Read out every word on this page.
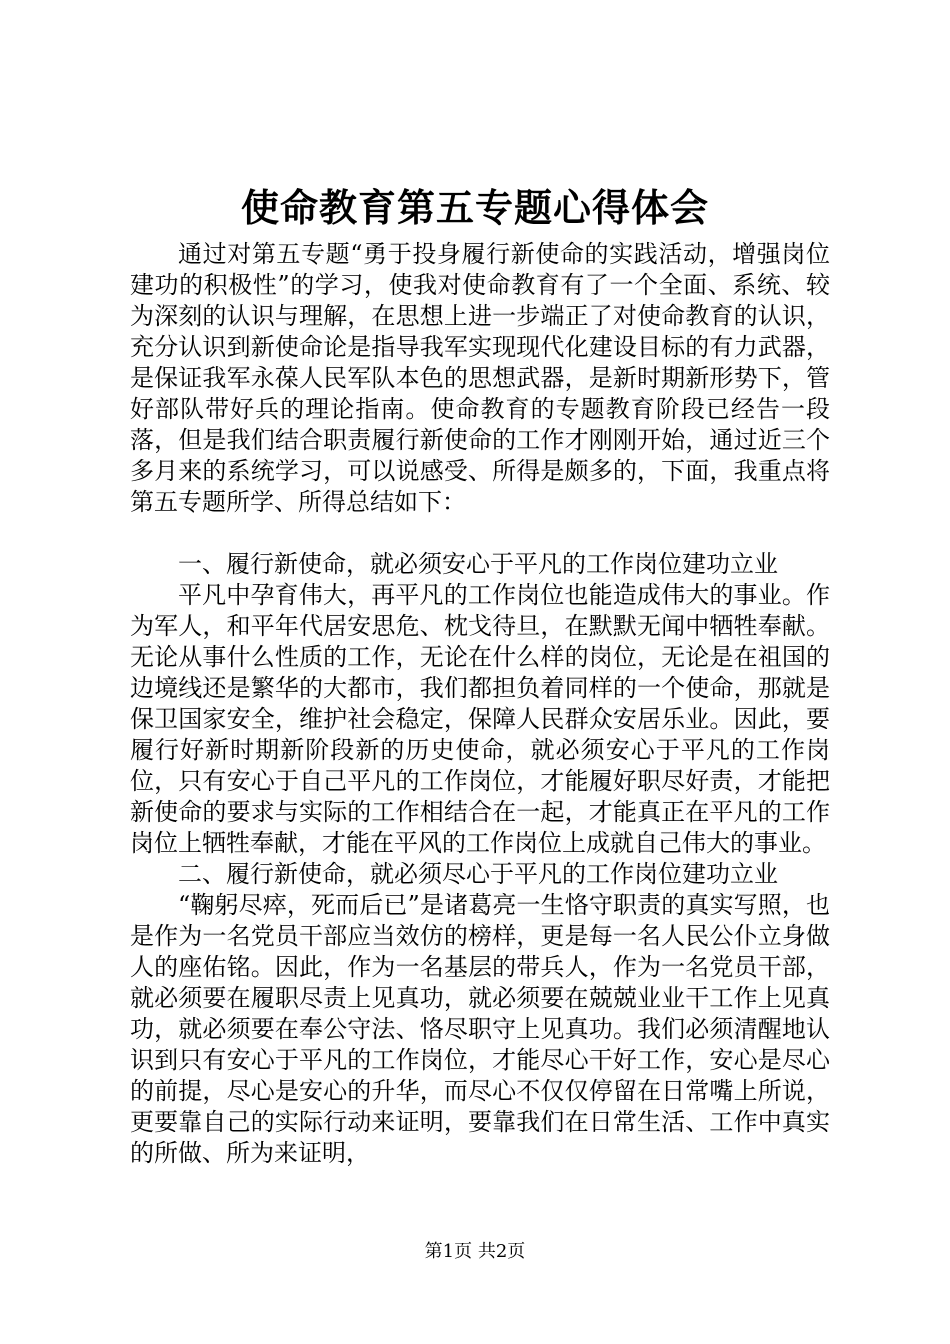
使命教育第五专题心得体会

通过对第五专题“勇于投身履行新使命的实践活动，增强岗位建功的积极性”的学习，使我对使命教育有了一个全面、系统、较为深刻的认识与理解，在思想上进一步端正了对使命教育的认识，充分认识到新使命论是指导我军实现现代化建设目标的有力武器，是保证我军永葆人民军队本色的思想武器，是新时期新形势下，管好部队带好兵的理论指南。使命教育的专题教育阶段已经告一段落，但是我们结合职责履行新使命的工作才刚刚开始，通过近三个多月来的系统学习，可以说感受、所得是颇多的，下面，我重点将第五专题所学、所得总结如下：

一、履行新使命，就必须安心于平凡的工作岗位建功立业

平凡中孕育伟大，再平凡的工作岗位也能造成伟大的事业。作为军人，和平年代居安思危、枕戈待旦，在默默无闻中牺牲奉献。无论从事什么性质的工作，无论在什么样的岗位，无论是在祖国的边境线还是繁华的大都市，我们都担负着同样的一个使命，那就是保卫国家安全，维护社会稳定，保障人民群众安居乐业。因此，要履行好新时期新阶段新的历史使命，就必须安心于平凡的工作岗位，只有安心于自己平凡的工作岗位，才能履好职尽好责，才能把新使命的要求与实际的工作相结合在一起，才能真正在平凡的工作岗位上牺牲奉献，才能在平风的工作岗位上成就自己伟大的事业。

二、履行新使命，就必须尽心于平凡的工作岗位建功立业

“鞠躬尽瘁，死而后已”是诸葛亮一生恪守职责的真实写照，也是作为一名党员干部应当效仿的榜样，更是每一名人民公仆立身做人的座佑铭。因此，作为一名基层的带兵人，作为一名党员干部，就必须要在履职尽责上见真功，就必须要在兢兢业业干工作上见真功，就必须要在奉公守法、恪尽职守上见真功。我们必须清醒地认识到只有安心于平凡的工作岗位，才能尽心干好工作，安心是尽心的前提，尽心是安心的升华，而尽心不仅仅停留在日常嘴上所说，更要靠自己的实际行动来证明，要靠我们在日常生活、工作中真实的所做、所为来证明，

第1页 共2页
